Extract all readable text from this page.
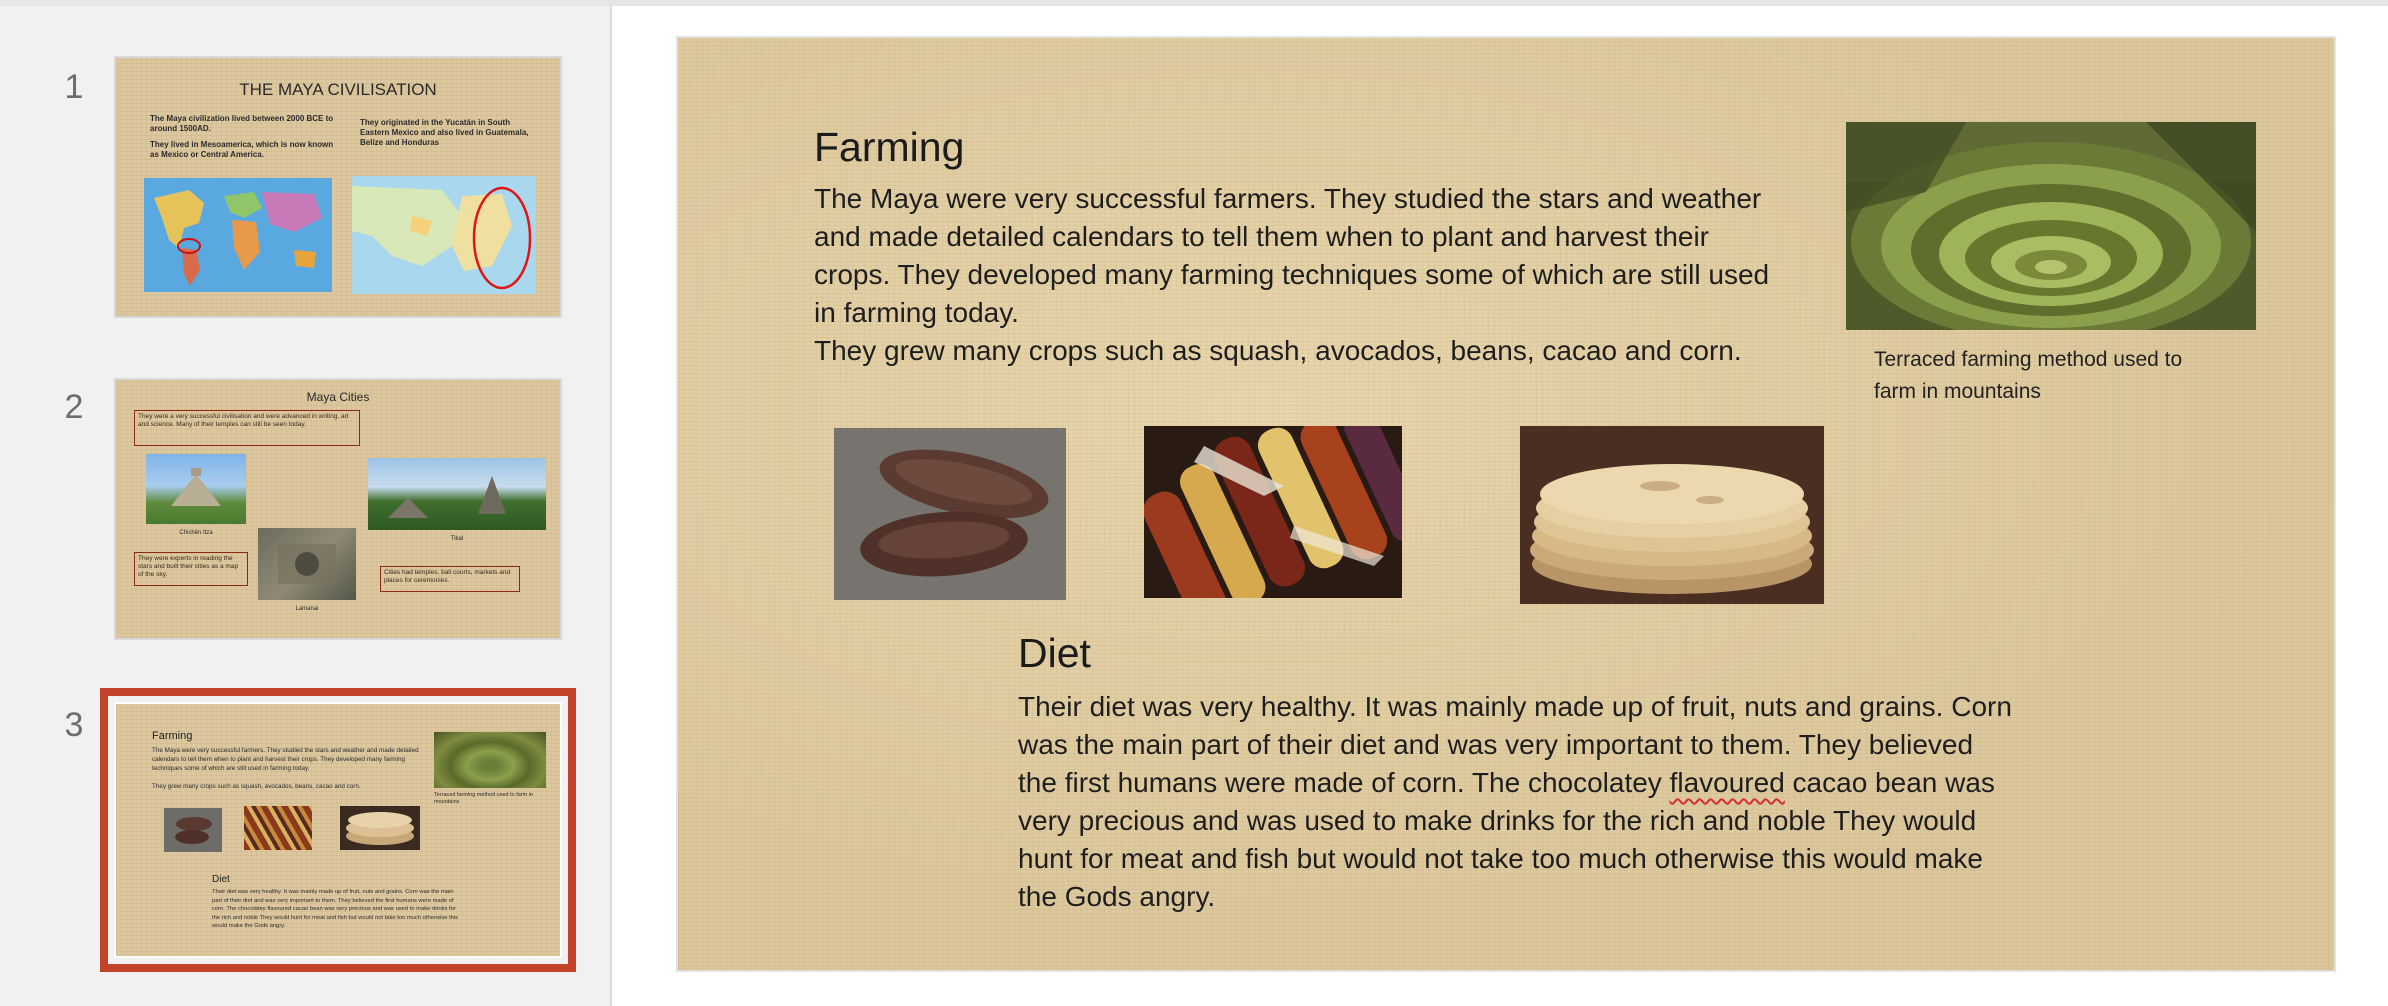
1	THE MAYA CIVILISATION
The Maya civilization lived between 2000 BCE to around 1500AD.
They lived in Mesoamerica, which is now known as Mexico or Central America.
They originated in the Yucatán in South Eastern Mexico and also lived in Guatemala, Belize and Honduras
2	Maya Cities
They were a very successful civilisation and were advanced in writing, art and science. Many of their temples can still be seen today.
Chichén Itza
Tikal
Lamanai
They were experts in reading the stars and built their cities as a map of the sky.	Cities had temples, ball courts, markets and places for ceremonies.
3	Farming
The Maya were very successful farmers. They studied the stars and weather and made detailed calendars to tell them when to plant and harvest their crops. They developed many farming techniques some of which are still used in farming today.
They grew many crops such as squash, avocados, beans, cacao and corn.
Terraced farming method used to farm in mountains
Diet
Their diet was very healthy. It was mainly made up of fruit, nuts and grains. Corn was the main part of their diet and was very important to them. They believed the first humans were made of corn. The chocolatey flavoured cacao bean was very precious and was used to make drinks for the rich and noble They would hunt for meat and fish but would not take too much otherwise this would make the Gods angry.
Farming

The Maya were very successful farmers. They studied the stars and weather

and made detailed calendars to tell them when to plant and harvest their

crops. They developed many farming techniques some of which are still used

in farming today.

They grew many crops such as squash, avocados, beans, cacao and corn.	Terraced farming method used to
farm in mountains
Diet

Their diet was very healthy. It was mainly made up of fruit, nuts and grains. Corn

was the main part of their diet and was very important to them. They believed

the first humans were made of corn. The chocolatey flavoured cacao bean was

very precious and was used to make drinks for the rich and noble They would

hunt for meat and fish but would not take too much otherwise this would make

the Gods angry.
